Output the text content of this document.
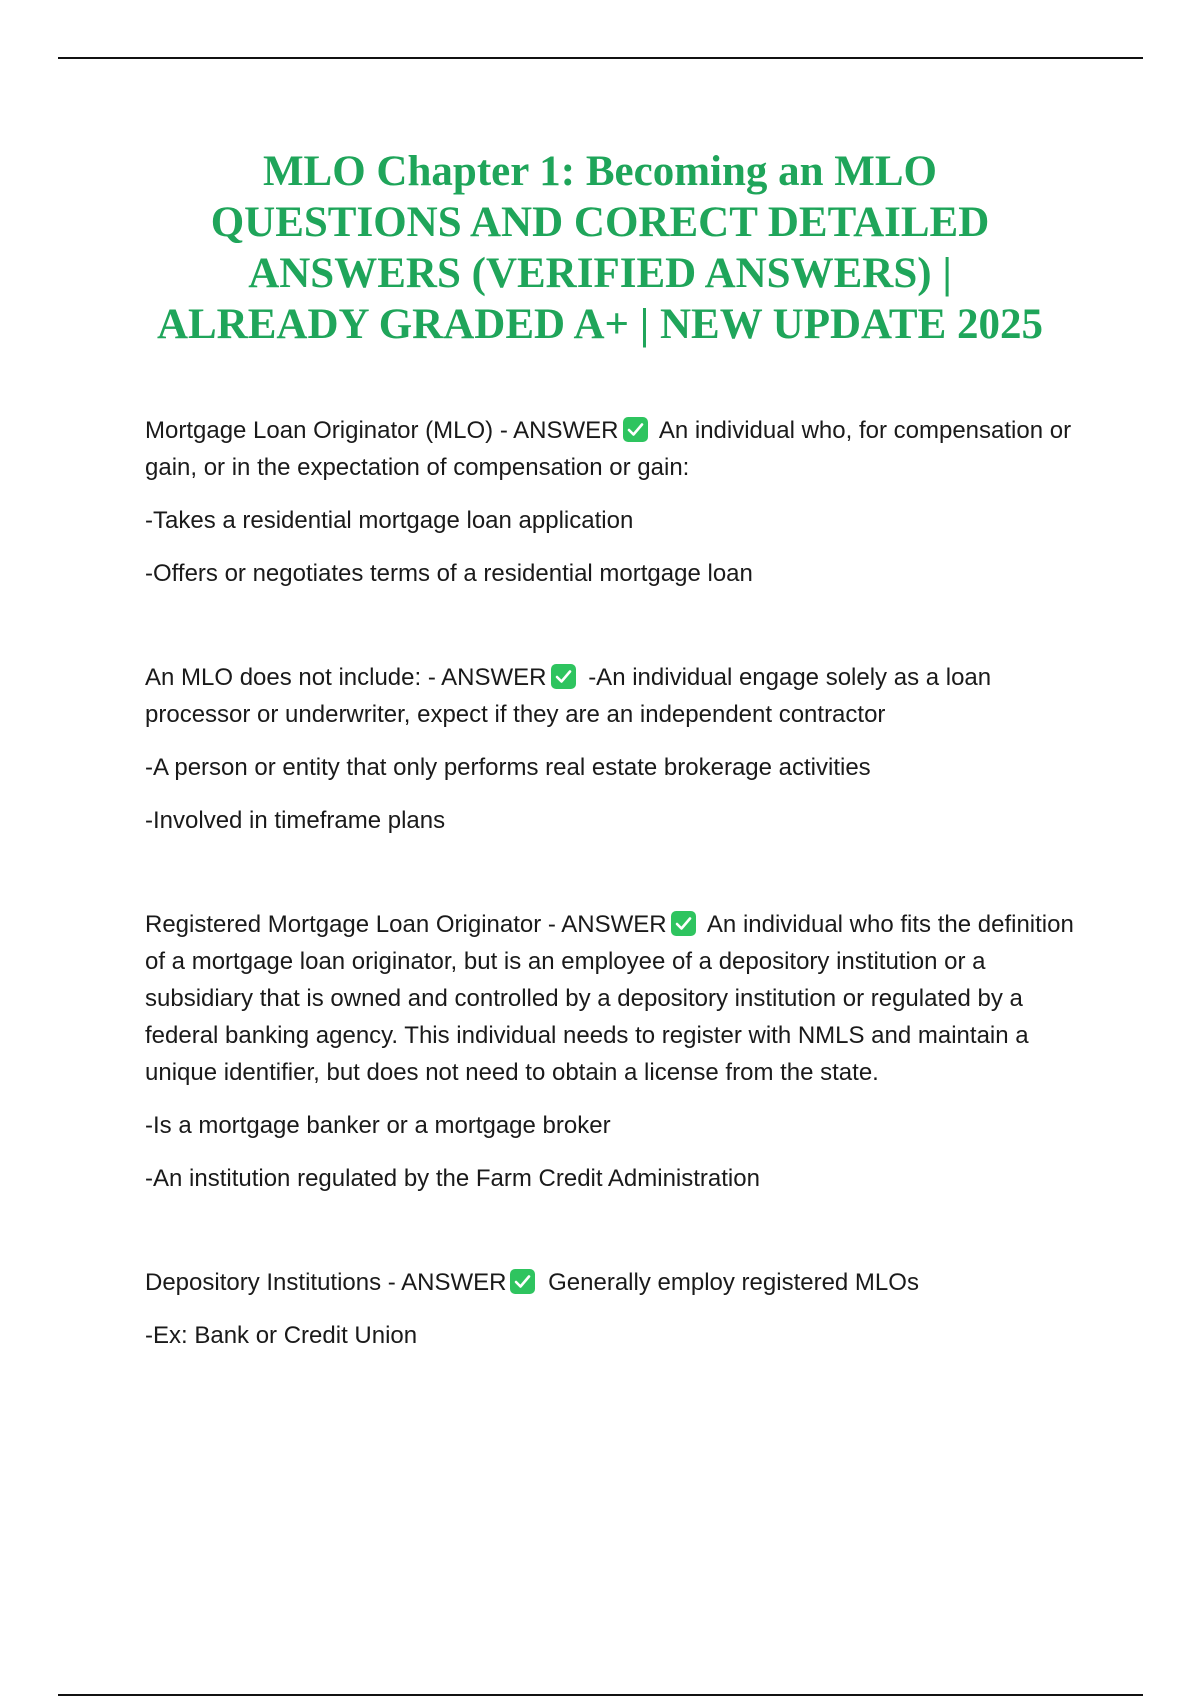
MLO Chapter 1: Becoming an MLO
QUESTIONS AND CORECT DETAILED
ANSWERS (VERIFIED ANSWERS) |
ALREADY GRADED A+ | NEW UPDATE 2025

Mortgage Loan Originator (MLO) - ANSWER An individual who, for compensation or gain, or in the expectation of compensation or gain:

-Takes a residential mortgage loan application

-Offers or negotiates terms of a residential mortgage loan

An MLO does not include: - ANSWER -An individual engage solely as a loan processor or underwriter, expect if they are an independent contractor

-A person or entity that only performs real estate brokerage activities

-Involved in timeframe plans

Registered Mortgage Loan Originator - ANSWER An individual who fits the definition of a mortgage loan originator, but is an employee of a depository institution or a subsidiary that is owned and controlled by a depository institution or regulated by a federal banking agency. This individual needs to register with NMLS and maintain a unique identifier, but does not need to obtain a license from the state.

-Is a mortgage banker or a mortgage broker

-An institution regulated by the Farm Credit Administration

Depository Institutions - ANSWER Generally employ registered MLOs

-Ex: Bank or Credit Union
